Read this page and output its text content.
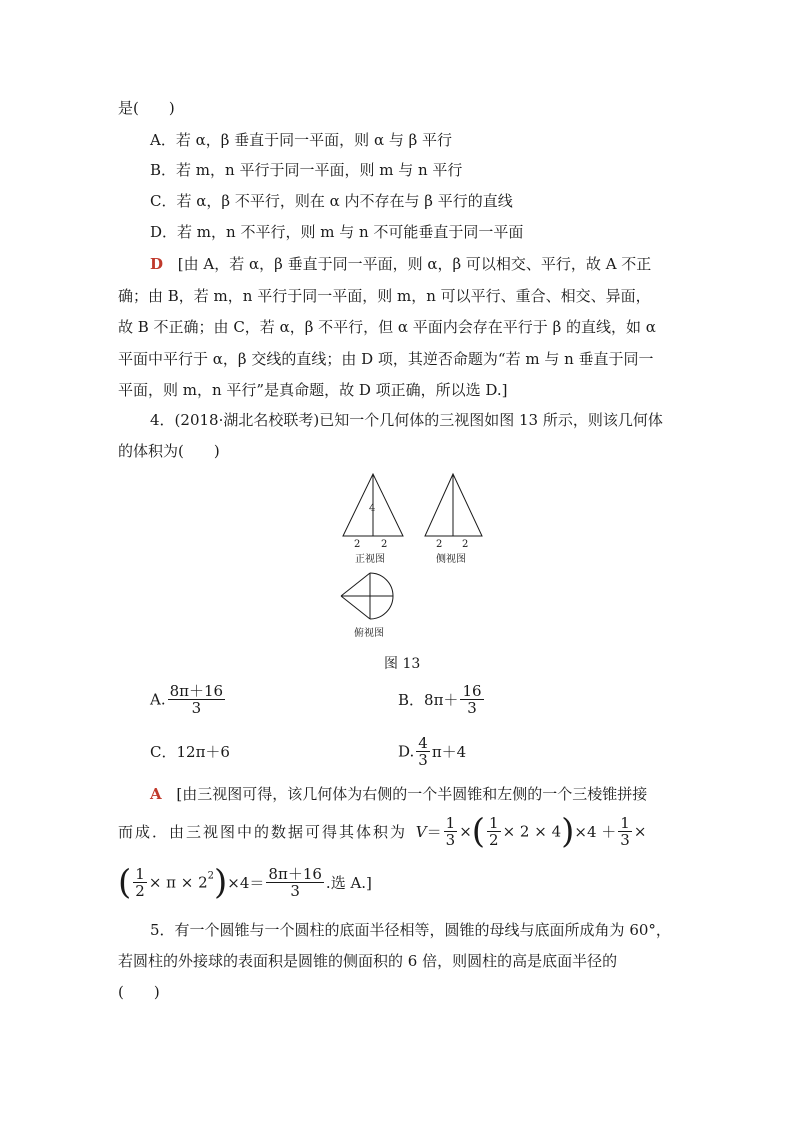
是(　　)
A．若 α，β 垂直于同一平面，则 α 与 β 平行
B．若 m，n 平行于同一平面，则 m 与 n 平行
C．若 α，β 不平行，则在 α 内不存在与 β 平行的直线
D．若 m，n 不平行，则 m 与 n 不可能垂直于同一平面
D [由 A，若 α，β 垂直于同一平面，则 α，β 可以相交、平行，故 A 不正
确；由 B，若 m，n 平行于同一平面，则 m，n 可以平行、重合、相交、异面，
故 B 不正确；由 C，若 α，β 不平行，但 α 平面内会存在平行于 β 的直线，如 α
平面中平行于 α，β 交线的直线；由 D 项，其逆否命题为“若 m 与 n 垂直于同一
平面，则 m，n 平行”是真命题，故 D 项正确，所以选 D.]
4．(2018·湖北名校联考)已知一个几何体的三视图如图 13 所示，则该几何体
的体积为(　　)
4
2 2
正视图
2 2
侧视图
俯视图
图 13
A. $\frac{8\pi+16}{3}$	B．$8\pi+ \frac{16}{3}$
C．12π＋6	D. $\frac{4}{3} \pi+4$
A [由三视图可得，该几何体为右侧的一个半圆锥和左侧的一个三棱锥拼接
而成．由三视图中的数据可得其体积为 $V= \frac{1}{3}$ ×( $\frac{1}{2} \times 2 \times 4)\times 4 + \frac{1}{3}$ ×
( $\frac{1}{2} \times \pi \times 2^2)\times 4= \frac{8\pi+16}{3}$ .选 A.]
5．有一个圆锥与一个圆柱的底面半径相等，圆锥的母线与底面所成角为 60°，
若圆柱的外接球的表面积是圆锥的侧面积的 6 倍，则圆柱的高是底面半径的
(　　)
